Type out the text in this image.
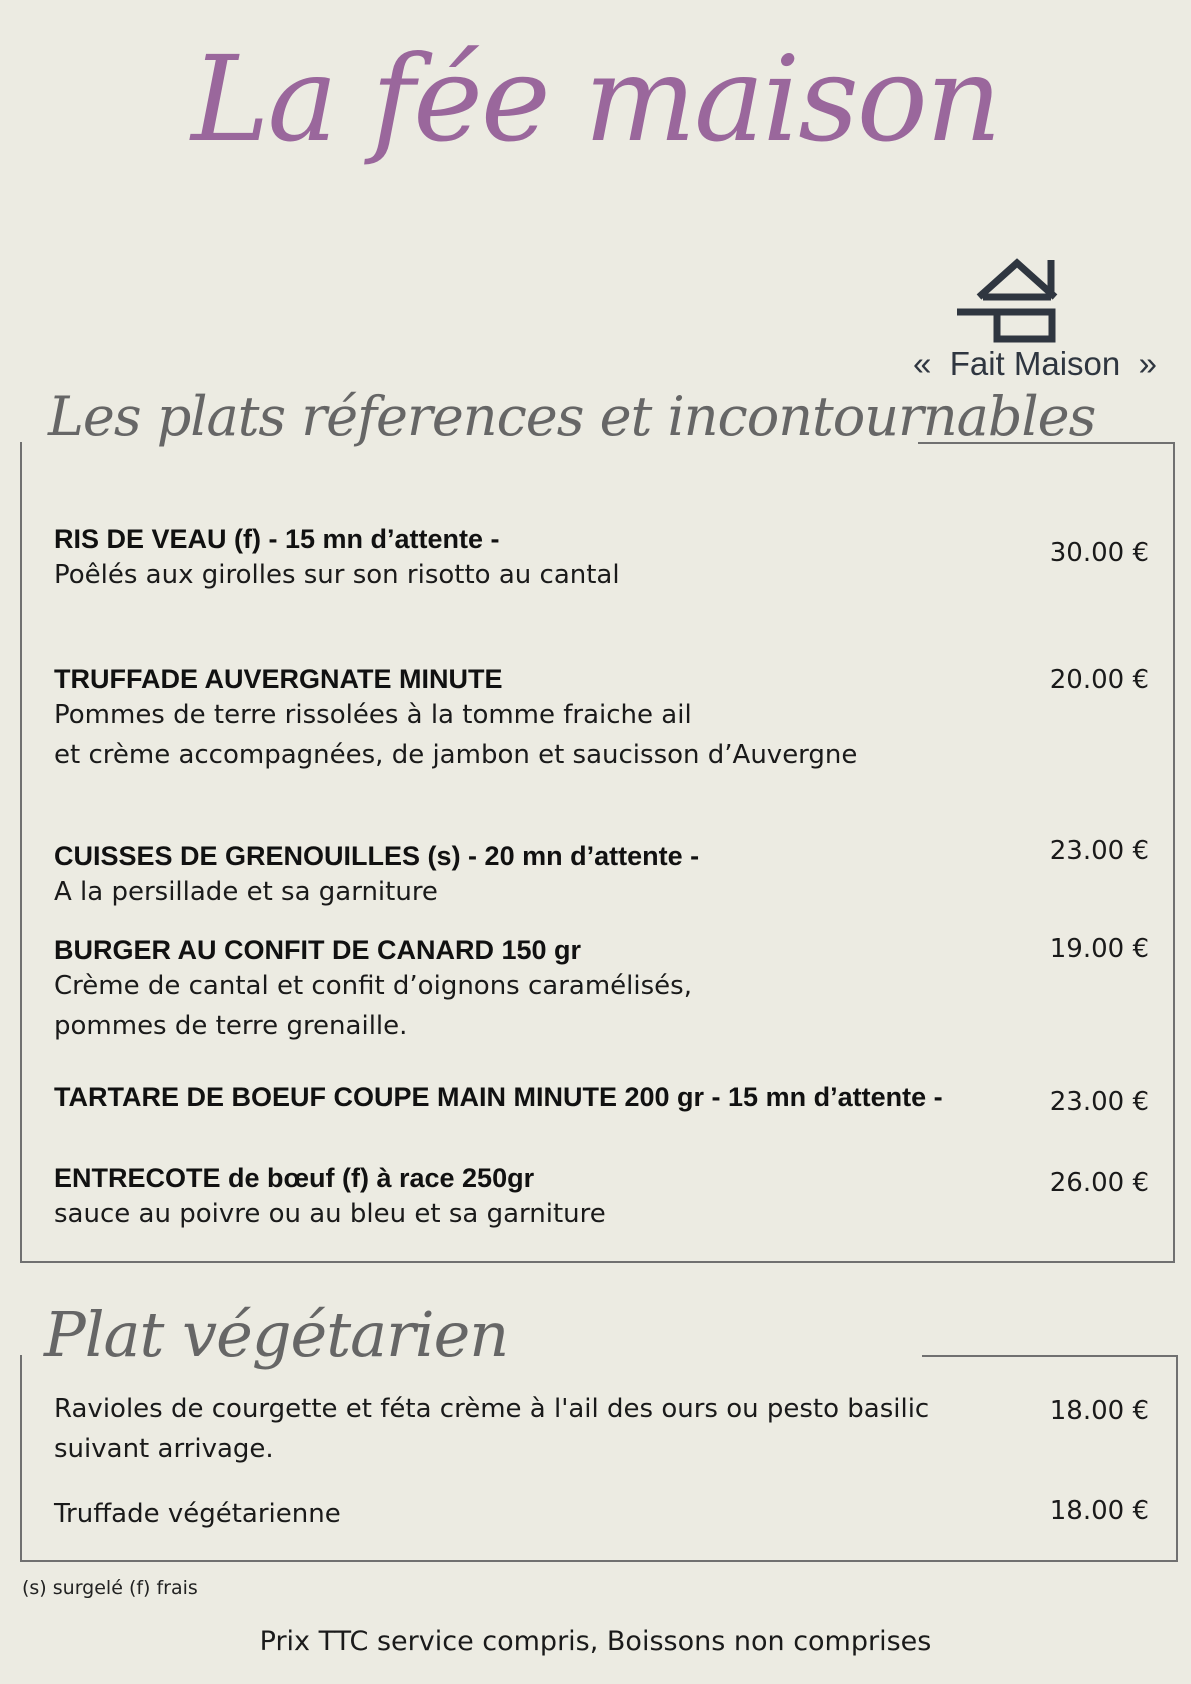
La fée maison
«  Fait Maison  »
Les plats réferences et incontournables
RIS DE VEAU (f) - 15 mn d’attente -
Poêlés aux girolles sur son risotto au cantal
30.00 €
TRUFFADE AUVERGNATE MINUTE
Pommes de terre rissolées à la tomme fraiche ail
et crème accompagnées, de jambon et saucisson d’Auvergne
20.00 €
CUISSES DE GRENOUILLES (s) - 20 mn d’attente -
A la persillade et sa garniture
23.00 €
BURGER AU CONFIT DE CANARD 150 gr
Crème de cantal et confit d’oignons caramélisés,
pommes de terre grenaille.
19.00 €
TARTARE DE BOEUF COUPE MAIN MINUTE 200 gr - 15 mn d’attente -	23.00 €
ENTRECOTE de bœuf (f) à race 250gr
sauce au poivre ou au bleu et sa garniture
26.00 €
Plat végétarien
Ravioles de courgette et féta crème à l'ail des ours ou pesto basilic
suivant arrivage.
18.00 €
Truffade végétarienne	18.00 €
(s) surgelé (f) frais
Prix TTC service compris, Boissons non comprises
